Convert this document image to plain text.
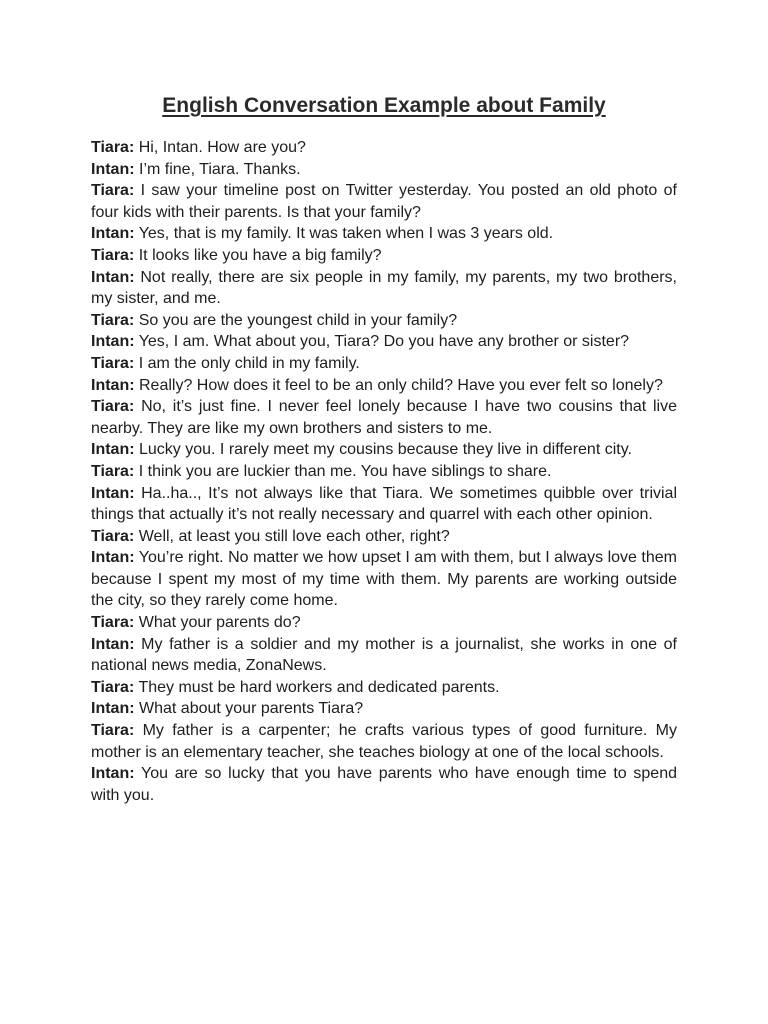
English Conversation Example about Family

Tiara: Hi, Intan. How are you?

Intan: I’m fine, Tiara. Thanks.

Tiara: I saw your timeline post on Twitter yesterday. You posted an old photo of four kids with their parents. Is that your family?

Intan: Yes, that is my family. It was taken when I was 3 years old.

Tiara: It looks like you have a big family?

Intan: Not really, there are six people in my family, my parents, my two brothers, my sister, and me.

Tiara: So you are the youngest child in your family?

Intan: Yes, I am. What about you, Tiara? Do you have any brother or sister?

Tiara: I am the only child in my family.

Intan: Really? How does it feel to be an only child? Have you ever felt so lonely?

Tiara: No, it’s just fine. I never feel lonely because I have two cousins that live nearby. They are like my own brothers and sisters to me.

Intan: Lucky you. I rarely meet my cousins because they live in different city.

Tiara: I think you are luckier than me. You have siblings to share.

Intan: Ha..ha.., It’s not always like that Tiara. We sometimes quibble over trivial things that actually it’s not really necessary and quarrel with each other opinion.

Tiara: Well, at least you still love each other, right?

Intan: You’re right. No matter we how upset I am with them, but I always love them because I spent my most of my time with them. My parents are working outside the city, so they rarely come home.

Tiara: What your parents do?

Intan: My father is a soldier and my mother is a journalist, she works in one of national news media, ZonaNews.

Tiara: They must be hard workers and dedicated parents.

Intan: What about your parents Tiara?

Tiara: My father is a carpenter; he crafts various types of good furniture. My mother is an elementary teacher, she teaches biology at one of the local schools.

Intan: You are so lucky that you have parents who have enough time to spend with you.
